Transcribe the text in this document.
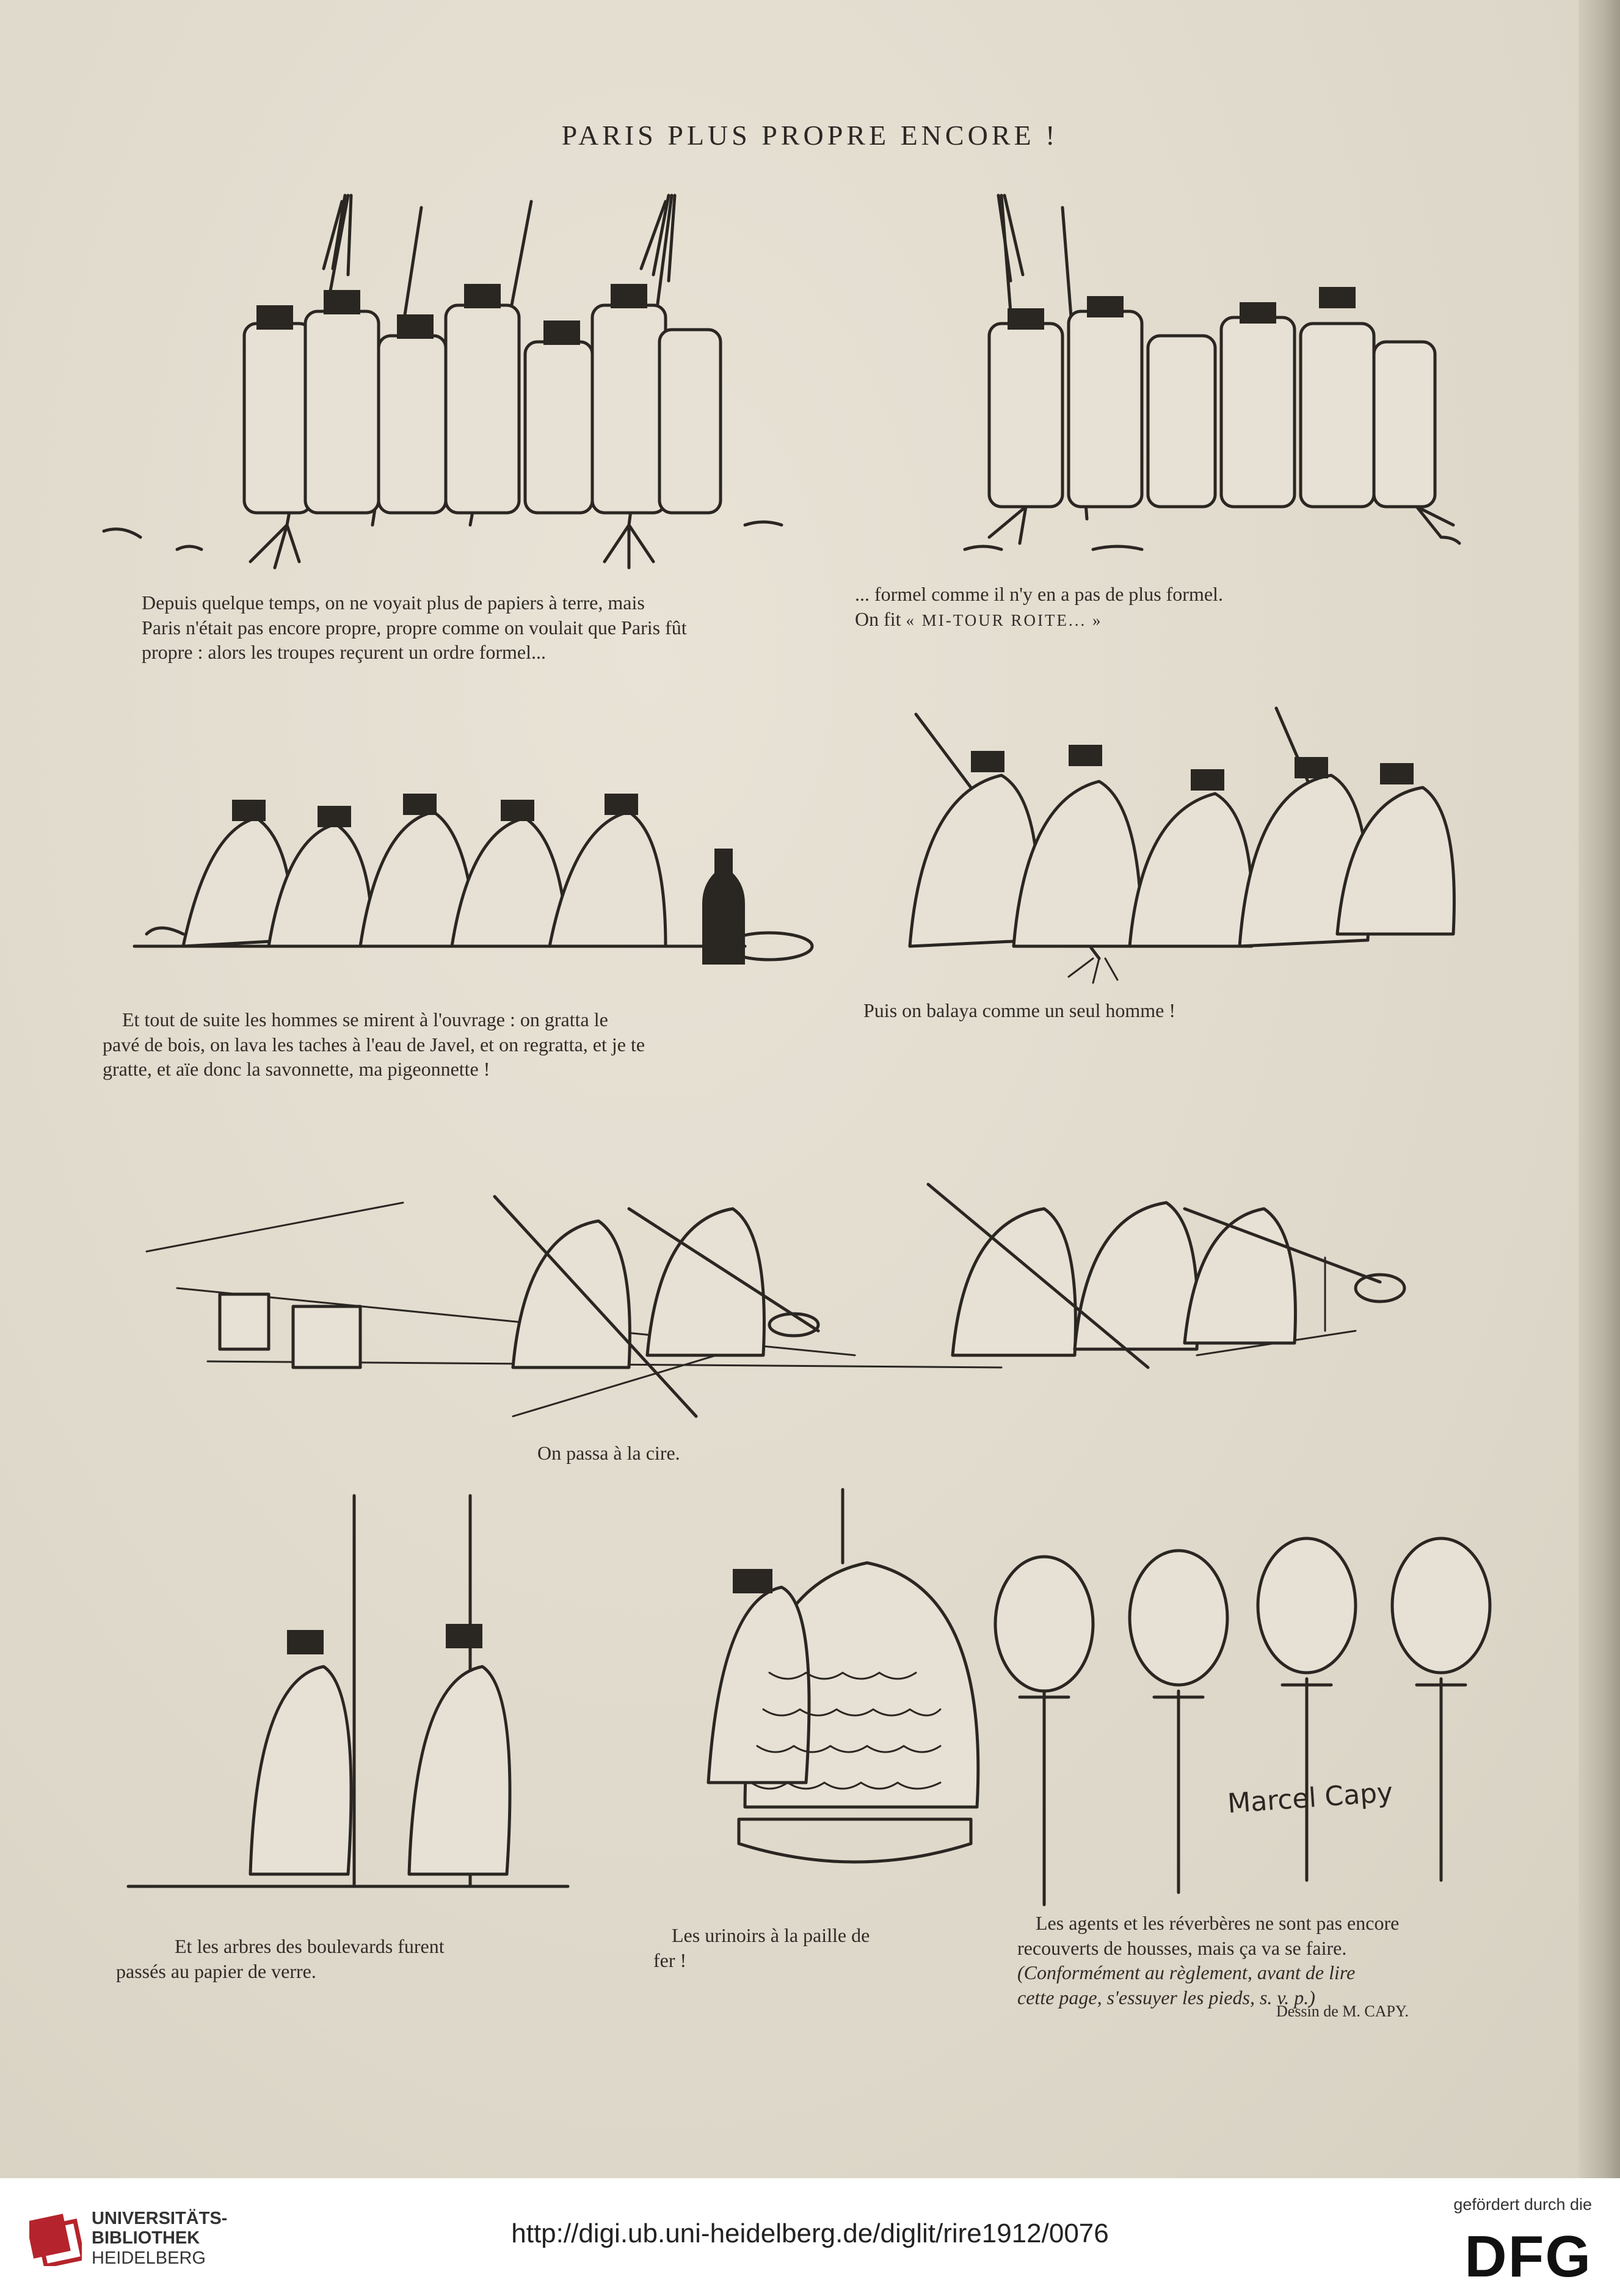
PARIS PLUS PROPRE ENCORE !
Depuis quelque temps, on ne voyait plus de papiers à terre, mais
Paris n'était pas encore propre, propre comme on voulait que Paris fût
propre : alors les troupes reçurent un ordre formel...
... formel comme il n'y en a pas de plus formel.
On fit « MI-TOUR ROITE... »
Et tout de suite les hommes se mirent à l'ouvrage : on gratta le
pavé de bois, on lava les taches à l'eau de Javel, et on regratta, et je te
gratte, et aïe donc la savonnette, ma pigeonnette !
Puis on balaya comme un seul homme !
On passa à la cire.
Marcel Capy
Et les arbres des boulevards furent
passés au papier de verre.
Les urinoirs à la paille de
fer !
Les agents et les réverbères ne sont pas encore
recouverts de housses, mais ça va se faire.
(Conformément au règlement, avant de lire
cette page, s'essuyer les pieds, s. v. p.)
Dessin de M. CAPY.
UNIVERSITÄTS-
BIBLIOTHEK
HEIDELBERG
http://digi.ub.uni-heidelberg.de/diglit/rire1912/0076
gefördert durch die
DFG
